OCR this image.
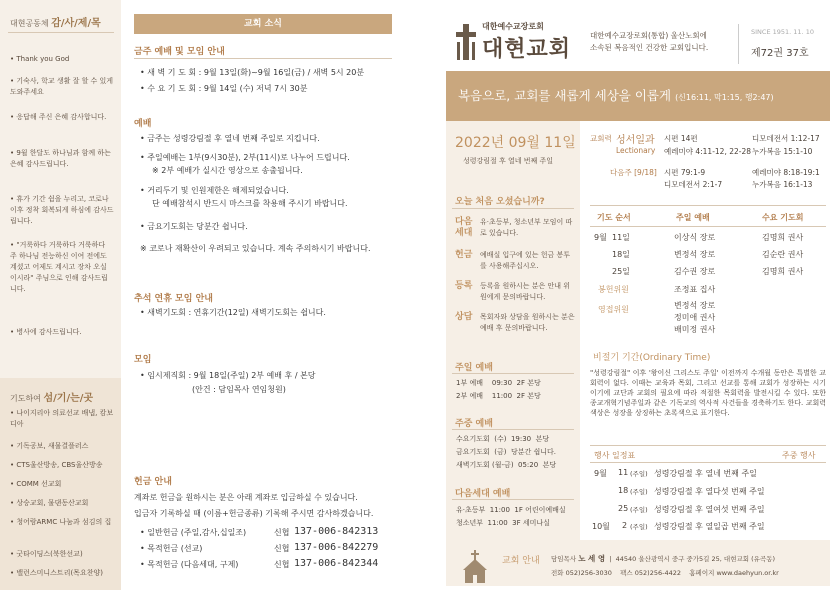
대현공동체 감/사/제/목
• Thank you God
• 기숙사, 학교 생활 잘 할 수 있게 도와주세요
• 응답해 주신 은혜 감사합니다.
• 9월 한달도 하나님과 함께 하는 은혜 감사드립니다.
• 휴가 기간 쉼을 누리고, 코로나 이후 정착 회복되게 하심에 감사드립니다.
• "거룩하다 거룩하다 거룩하다 주 하나님 전능하신 이여 전에도 계셨고 어제도 계시고 장차 오실 이시라" 주님으로 인해 감사드립니다.
• 병사에 감사드립니다.
기도하여 섬/기/는/곳
• 나이지리아 의료선교 배냅, 캄보디아
• 기독공보, 새물결플러스
• CTS울산방송, CBS울산방송
• COMM 선교회
• 상승교회, 물댄동산교회
• 청어람ARMC 나눔과 섬김의 집
• 굿타이딩스(북한선교)
• 밸런스미니스트리(목요찬양)
교회 소식
금주 예배 및 모임 안내
• 새 벽 기 도 회 : 9월 13일(화)~9월 16일(금) / 새벽 5시 20분
• 수 요 기 도 회 : 9월 14일 (수) 저녁 7시 30분
예배
• 금주는 성령강림절 후 열네 번째 주일로 지킵니다.
• 주일예배는 1부(9시30분), 2부(11시)로 나누어 드립니다.
※ 2부 예배가 실시간 영상으로 송출됩니다.
• 거리두기 및 인원제한은 해제되었습니다.
단 예배참석시 반드시 마스크를 착용해 주시기 바랍니다.
• 금요기도회는 당분간 쉽니다.
※ 코로나 재확산이 우려되고 있습니다. 계속 주의하시기 바랍니다.
추석 연휴 모임 안내
• 새벽기도회 : 연휴기간(12일) 새벽기도회는 쉽니다.
모임
• 임시제직회 : 9월 18일(주일) 2부 예배 후 / 본당
(안건 : 담임목사 연임청원)
헌금 안내
계좌로 헌금을 원하시는 분은 아래 계좌로 입금하실 수 있습니다.
입금자 기록하실 때 (이름+헌금종류) 기록해 주시면 감사하겠습니다.
• 일반헌금 (주일,감사,십일조)	신협 137-006-842313
• 목적헌금 (선교)	신협 137-006-842279
• 목적헌금 (다음세대, 구제)	신협 137-006-842344
대한예수교장로회
대현교회
대한예수교장로회(통합) 울산노회에
소속된 복음적인 건강한 교회입니다.
SINCE 1951. 11. 10
제72권 37호
복음으로, 교회를 새롭게 세상을 이롭게 (신16:11, 막1:15, 행2:47)
2022년 09월 11일
성령강림절 후 열네 번째 주일
오늘 처음 오셨습니까?
다음
세대
유·초등부, 청소년부 모임이 따로 있습니다.
헌금 예배실 입구에 있는 헌금 봉투를 사용해주십시오.
등록 등록을 원하시는 분은 안내 위원에게 문의바랍니다.
상담 목회자와 상담을 원하시는 분은 예배 후 문의바랍니다.
주일 예배
1부 예배 09:30 2F 본당
2부 예배 11:00 2F 본당
주중 예배
수요기도회 (수) 19:30 본당
금요기도회 (금) 당분간 쉽니다.
새벽기도회 (월-금) 05:20 본당
다음세대 예배
유·초등부 11:00 1F 어린이예배실
청소년부 11:00 3F 세미나실
교회력 성서일과
Lectionary
시편 14편	디모데전서 1:12-17
예레미야 4:11-12, 22-28 누가복음 15:1-10
다음주 [9/18] 시편 79:1-9	예레미야 8:18-19:1
디모데전서 2:1-7	누가복음 16:1-13
기도 순서	주일 예배	수요 기도회
9월 11일	이상식 장로	김명희 권사
18일	변정석 장로	김순란 권사
25일	김수권 장로	김명희 권사
봉헌위원	조정표 집사
영접위원	변정석 장로
정미애 권사
배미정 권사
비절기 기간(Ordinary Time)
"성령강림절" 이후 '왕이신 그리스도 주일' 이전까지 수개월 동안은 특별한 교회력이 없다. 이때는 교육과 목회, 그리고 선교를 통해 교회가 성장하는 시기이기에 교단과 교회의 필요에 따라 적절한 목회력을 발전시킬 수 있다. 또한 종교개혁기념주일과 같은 기독교의 역사적 사건들을 경축하기도 한다. 교회력 색상은 성장을 상징하는 초록색으로 표기한다.
행사 일정표	주중 행사
9월 11 (주일) 성령강림절 후 열네 번째 주일
18 (주일) 성령강림절 후 열다섯 번째 주일
25 (주일) 성령강림절 후 열여섯 번째 주일
10월 2 (주일) 성령강림절 후 열일곱 번째 주일
교회 안내 담임목사 노 세 영  |  44540 울산광역시 중구 중가5길 25, 대현교회 (유곡동)
전화 052)256-3030 팩스 052)256-4422 홈페이지 www.daehyun.or.kr
